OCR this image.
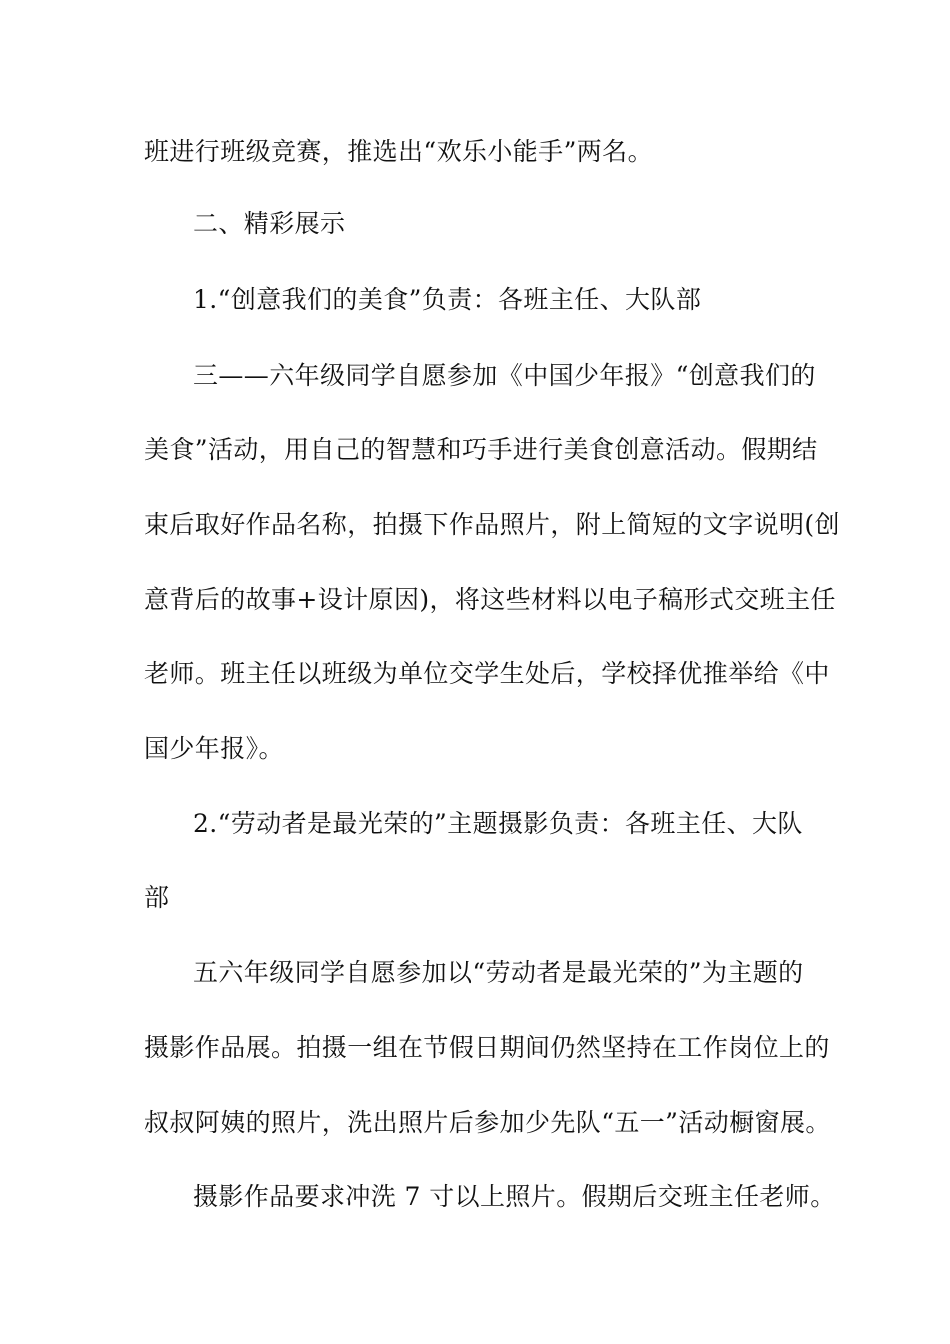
班进行班级竞赛，推选出“欢乐小能手”两名。
二、精彩展示
1.“创意我们的美食”负责：各班主任、大队部
三——六年级同学自愿参加《中国少年报》“创意我们的
美食”活动，用自己的智慧和巧手进行美食创意活动。假期结
束后取好作品名称，拍摄下作品照片，附上简短的文字说明(创
意背后的故事+设计原因)，将这些材料以电子稿形式交班主任
老师。班主任以班级为单位交学生处后，学校择优推举给《中
国少年报》。
2.“劳动者是最光荣的”主题摄影负责：各班主任、大队
部
五六年级同学自愿参加以“劳动者是最光荣的”为主题的
摄影作品展。拍摄一组在节假日期间仍然坚持在工作岗位上的
叔叔阿姨的照片，洗出照片后参加少先队“五一”活动橱窗展。
摄影作品要求冲洗 7 寸以上照片。假期后交班主任老师。
